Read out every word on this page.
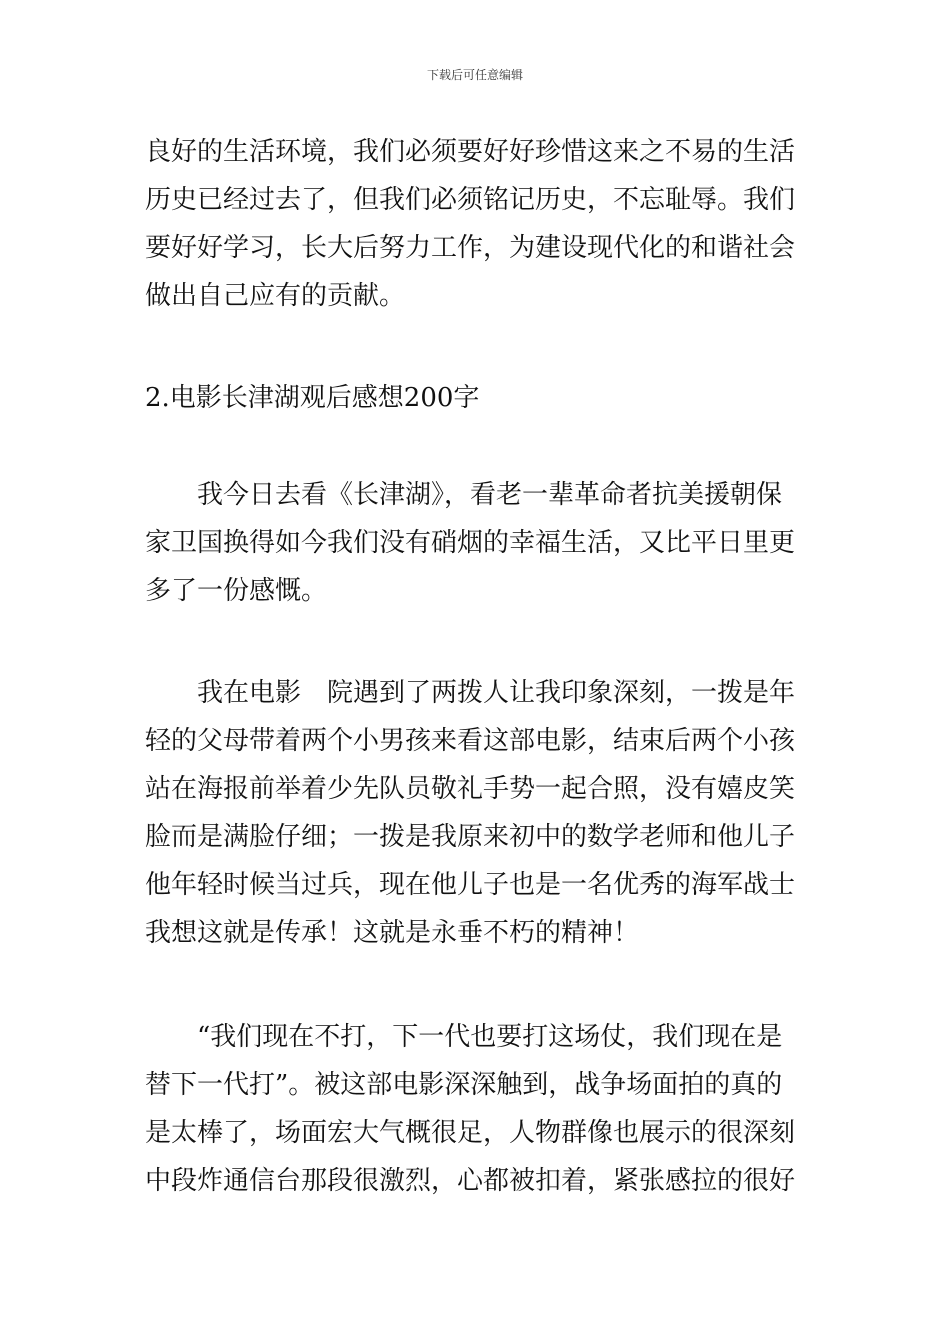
下载后可任意编辑
良好的生活环境，我们必须要好好珍惜这来之不易的生活
历史已经过去了，但我们必须铭记历史，不忘耻辱。我们
要好好学习，长大后努力工作，为建设现代化的和谐社会
做出自己应有的贡献。
2.电影长津湖观后感想200字
我今日去看《长津湖》，看老一辈革命者抗美援朝保
家卫国换得如今我们没有硝烟的幸福生活，又比平日里更
多了一份感慨。
我在电影　院遇到了两拨人让我印象深刻，一拨是年
轻的父母带着两个小男孩来看这部电影，结束后两个小孩
站在海报前举着少先队员敬礼手势一起合照，没有嬉皮笑
脸而是满脸仔细；一拨是我原来初中的数学老师和他儿子
他年轻时候当过兵，现在他儿子也是一名优秀的海军战士
我想这就是传承！这就是永垂不朽的精神！
“我们现在不打，下一代也要打这场仗，我们现在是
替下一代打”。被这部电影深深触到，战争场面拍的真的
是太棒了，场面宏大气概很足，人物群像也展示的很深刻
中段炸通信台那段很激烈，心都被扣着，紧张感拉的很好
